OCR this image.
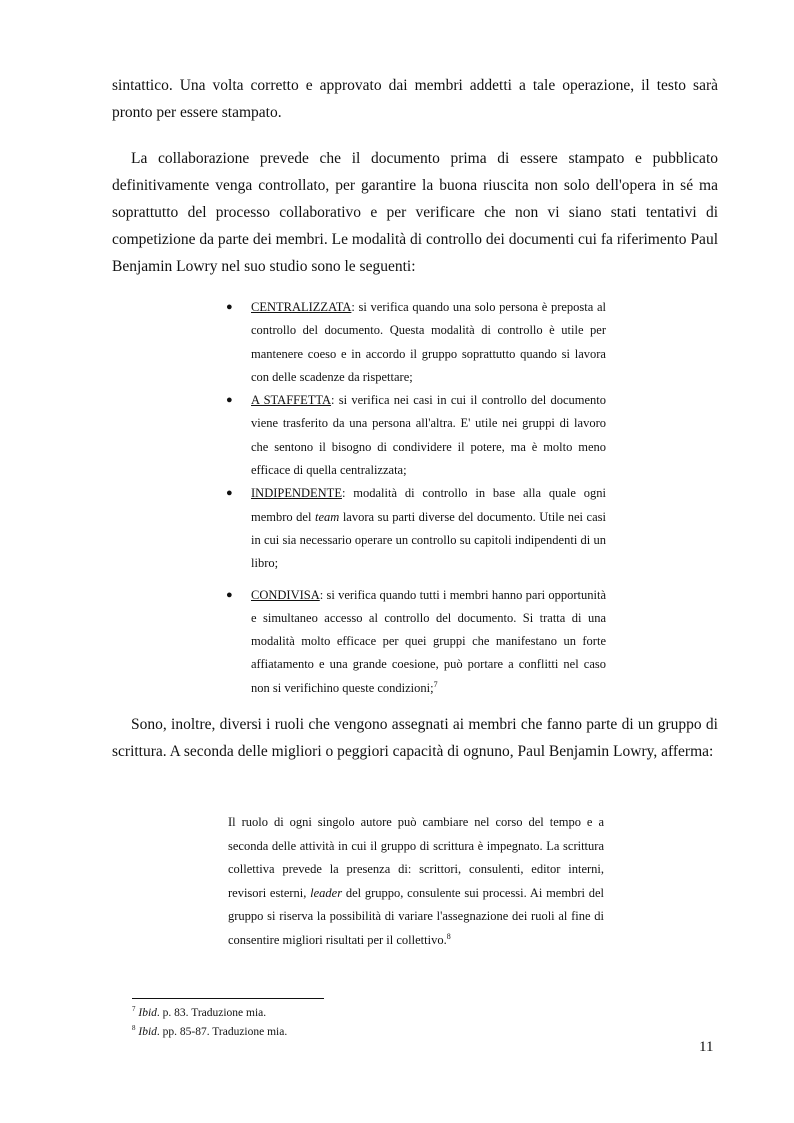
sintattico. Una volta corretto e approvato dai membri addetti a tale operazione, il testo sarà pronto per essere stampato.

La collaborazione prevede che il documento prima di essere stampato e pubblicato definitivamente venga controllato, per garantire la buona riuscita non solo dell'opera in sé ma soprattutto del processo collaborativo e per verificare che non vi siano stati tentativi di competizione da parte dei membri. Le modalità di controllo dei documenti cui fa riferimento Paul Benjamin Lowry nel suo studio sono le seguenti:

● CENTRALIZZATA: si verifica quando una solo persona è preposta al controllo del documento. Questa modalità di controllo è utile per mantenere coeso e in accordo il gruppo soprattutto quando si lavora con delle scadenze da rispettare;
● A STAFFETTA: si verifica nei casi in cui il controllo del documento viene trasferito da una persona all'altra. E' utile nei gruppi di lavoro che sentono il bisogno di condividere il potere, ma è molto meno efficace di quella centralizzata;
● INDIPENDENTE: modalità di controllo in base alla quale ogni membro del team lavora su parti diverse del documento. Utile nei casi in cui sia necessario operare un controllo su capitoli indipendenti di un libro;
● CONDIVISA: si verifica quando tutti i membri hanno pari opportunità e simultaneo accesso al controllo del documento. Si tratta di una modalità molto efficace per quei gruppi che manifestano un forte affiatamento e una grande coesione, può portare a conflitti nel caso non si verifichino queste condizioni;$^7$

Sono, inoltre, diversi i ruoli che vengono assegnati ai membri che fanno parte di un gruppo di scrittura. A seconda delle migliori o peggiori capacità di ognuno, Paul Benjamin Lowry, afferma:

Il ruolo di ogni singolo autore può cambiare nel corso del tempo e a seconda delle attività in cui il gruppo di scrittura è impegnato. La scrittura collettiva prevede la presenza di: scrittori, consulenti, editor interni, revisori esterni, leader del gruppo, consulente sui processi. Ai membri del gruppo si riserva la possibilità di variare l'assegnazione dei ruoli al fine di consentire migliori risultati per il collettivo.$^8$

$^7$ Ibid. p. 83. Traduzione mia.
$^8$ Ibid. pp. 85-87. Traduzione mia.
11
